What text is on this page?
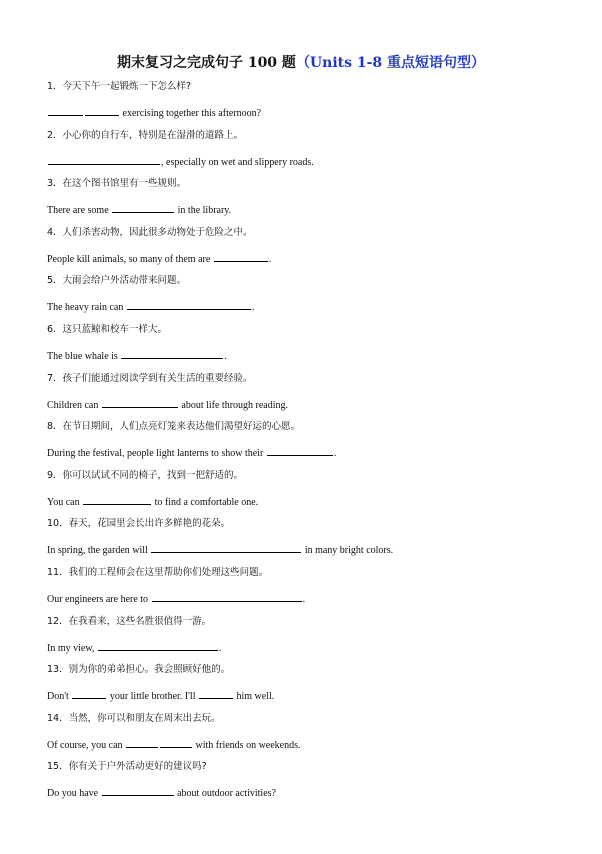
期末复习之完成句子 100 题（Units 1-8 重点短语句型）
1．今天下午一起锻炼一下怎么样?
exercising together this afternoon?
2．小心你的自行车，特别是在湿滑的道路上。
, especially on wet and slippery roads.
3．在这个图书馆里有一些规则。
There are some	in the library.
4．人们杀害动物，因此很多动物处于危险之中。
People kill animals, so many of them are	.
5．大雨会给户外活动带来问题。
The heavy rain can	.
6．这只蓝鲸和校车一样大。
The blue whale is	.
7．孩子们能通过阅读学到有关生活的重要经验。
Children can	about life through reading.
8．在节日期间，人们点亮灯笼来表达他们渴望好运的心愿。
During the festival, people light lanterns to show their	.
9．你可以试试不同的椅子，找到一把舒适的。
You can	to find a comfortable one.
10．春天，花园里会长出许多鲜艳的花朵。
In spring, the garden will	in many bright colors.
11．我们的工程师会在这里帮助你们处理这些问题。
Our engineers are here to	.
12．在我看来，这些名胜很值得一游。
In my view,	.
13．别为你的弟弟担心。我会照顾好他的。
Don't	your little brother. I'll	him well.
14．当然，你可以和朋友在周末出去玩。
Of course, you can	with friends on weekends.
15．你有关于户外活动更好的建议吗?
Do you have	about outdoor activities?
